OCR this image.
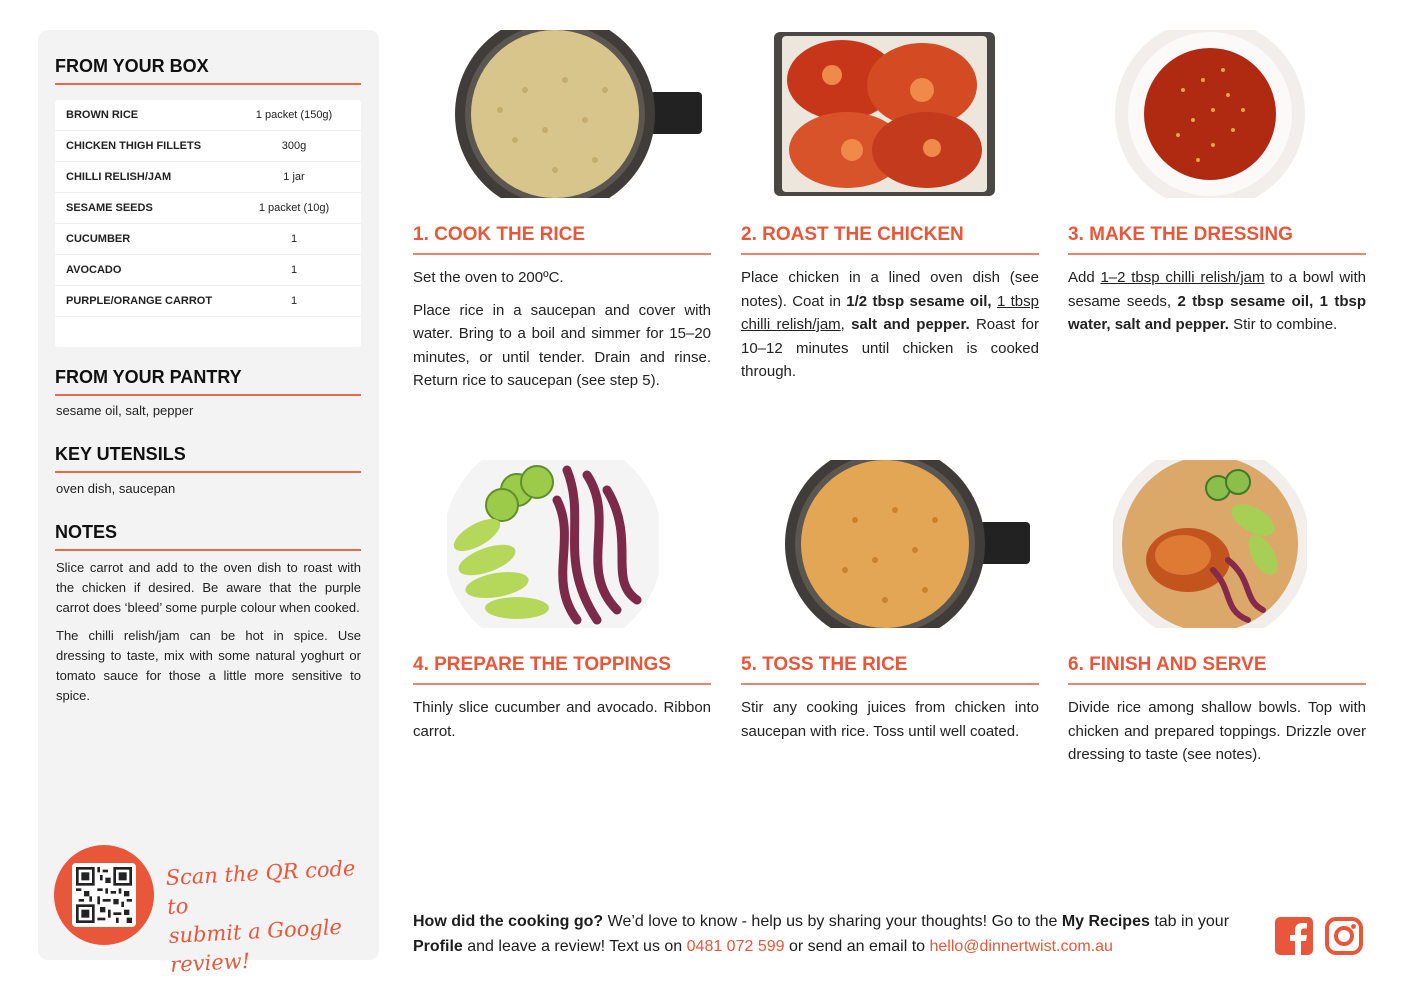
FROM YOUR BOX
BROWN RICE	1 packet (150g)
CHICKEN THIGH FILLETS	300g
CHILLI RELISH/JAM	1 jar
SESAME SEEDS	1 packet (10g)
CUCUMBER	1
AVOCADO	1
PURPLE/ORANGE CARROT	1
FROM YOUR PANTRY
sesame oil, salt, pepper
KEY UTENSILS
oven dish, saucepan
NOTES

Slice carrot and add to the oven dish to roast with the chicken if desired. Be aware that the purple carrot does ‘bleed’ some purple colour when cooked.

The chilli relish/jam can be hot in spice. Use dressing to taste, mix with some natural yoghurt or tomato sauce for those a little more sensitive to spice.

Scan the QR code to
submit a Google review!
1. COOK THE RICE

Set the oven to 200ºC.

Place rice in a saucepan and cover with water. Bring to a boil and simmer for 15–20 minutes, or until tender. Drain and rinse. Return rice to saucepan (see step 5).

2. ROAST THE CHICKEN

Place chicken in a lined oven dish (see notes). Coat in 1/2 tbsp sesame oil, 1 tbsp chilli relish/jam, salt and pepper. Roast for 10–12 minutes until chicken is cooked through.

3. MAKE THE DRESSING

Add 1–2 tbsp chilli relish/jam to a bowl with sesame seeds, 2 tbsp sesame oil, 1 tbsp water, salt and pepper. Stir to combine.

4. PREPARE THE TOPPINGS

Thinly slice cucumber and avocado. Ribbon carrot.

5. TOSS THE RICE

Stir any cooking juices from chicken into saucepan with rice. Toss until well coated.

6. FINISH AND SERVE

Divide rice among shallow bowls. Top with chicken and prepared toppings. Drizzle over dressing to taste (see notes).

How did the cooking go? We’d love to know - help us by sharing your thoughts! Go to the My Recipes tab in your Profile and leave a review! Text us on 0481 072 599 or send an email to hello@dinnertwist.com.au
